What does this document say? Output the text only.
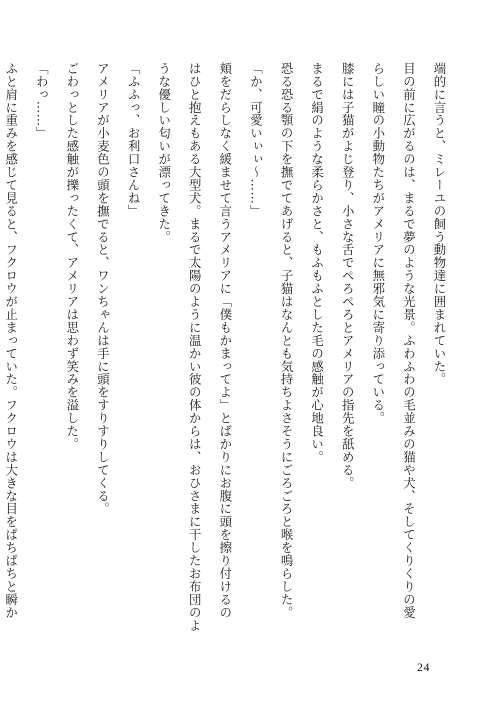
端的に言うと、ミレーユの飼う動物達に囲まれていた。

目の前に広がるのは、まるで夢のような光景。ふわふわの毛並みの猫や犬、そしてくりくりの愛

らしい瞳の小動物たちがアメリアに無邪気に寄り添っている。

膝には子猫がよじ登り、小さな舌でぺろぺろとアメリアの指先を舐める。

まるで絹のような柔らかさと、もふもふとした毛の感触が心地良い。

恐る恐る顎の下を撫でてあげると、子猫はなんとも気持ちよさそうにごろごろと喉を鳴らした。

「か、可愛いぃぃ〜……」

頬をだらしなく緩ませて言うアメリアに「僕もかまってよ」とばかりにお腹に頭を擦り付けるの

はひと抱えもある大型犬。まるで太陽のように温かい彼の体からは、おひさまに干したお布団のよ

うな優しい匂いが漂ってきた。

「ふふっ、お利口さんね」

アメリアが小麦色の頭を撫でると、ワンちゃんは手に頭をすりすりしてくる。

ごわっとした感触が擽ったくて、アメリアは思わず笑みを溢した。

「わっ……」

ふと肩に重みを感じて見ると、フクロウが止まっていた。フクロウは大きな目をぱちぱちと瞬か

24
